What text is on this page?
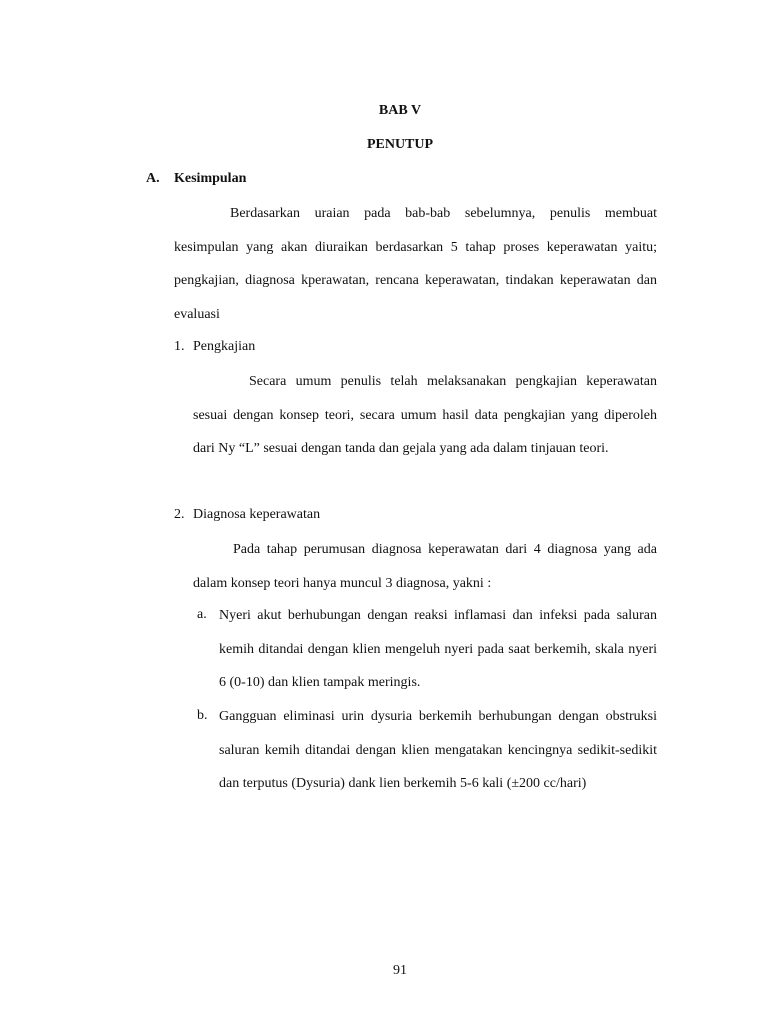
BAB V
PENUTUP
A. Kesimpulan

Berdasarkan uraian pada bab-bab sebelumnya, penulis membuat kesimpulan yang akan diuraikan berdasarkan 5 tahap proses keperawatan yaitu; pengkajian, diagnosa kperawatan, rencana keperawatan, tindakan keperawatan dan evaluasi

1. Pengkajian

Secara umum penulis telah melaksanakan pengkajian keperawatan sesuai dengan konsep teori, secara umum hasil data pengkajian yang diperoleh dari Ny “L” sesuai dengan tanda dan gejala yang ada dalam tinjauan teori.

2. Diagnosa keperawatan

Pada tahap perumusan diagnosa keperawatan dari 4 diagnosa yang ada dalam konsep teori hanya muncul 3 diagnosa, yakni :

a. Nyeri akut berhubungan dengan reaksi inflamasi dan infeksi pada saluran kemih ditandai dengan klien mengeluh nyeri pada saat berkemih, skala nyeri 6 (0-10) dan klien tampak meringis.

b. Gangguan eliminasi urin dysuria berkemih berhubungan dengan obstruksi saluran kemih ditandai dengan klien mengatakan kencingnya sedikit-sedikit dan terputus (Dysuria) dank lien berkemih 5-6 kali (±200 cc/hari)

91
